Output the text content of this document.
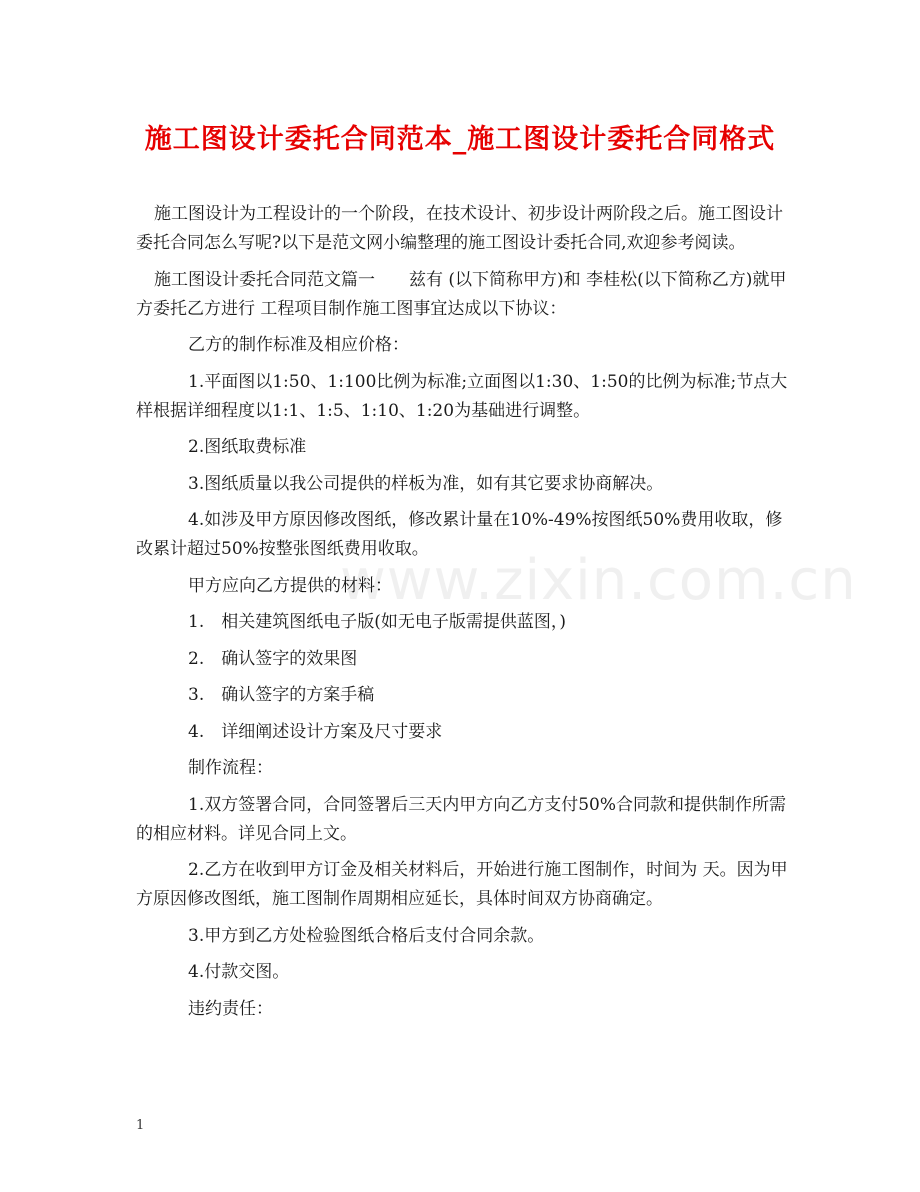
施工图设计委托合同范本_施工图设计委托合同格式
www.zixin.com.cn

施工图设计为工程设计的一个阶段，在技术设计、初步设计两阶段之后。施工图设计委托合同怎么写呢?以下是范文网小编整理的施工图设计委托合同,欢迎参考阅读。

施工图设计委托合同范文篇一　　兹有 (以下简称甲方)和 李桂松(以下简称乙方)就甲方委托乙方进行 工程项目制作施工图事宜达成以下协议：

乙方的制作标准及相应价格：

1.平面图以1:50、1:100比例为标准;立面图以1:30、1:50的比例为标准;节点大样根据详细程度以1:1、1:5、1:10、1:20为基础进行调整。

2.图纸取费标准

3.图纸质量以我公司提供的样板为准，如有其它要求协商解决。

4.如涉及甲方原因修改图纸，修改累计量在10%-49%按图纸50%费用收取，修改累计超过50%按整张图纸费用收取。

甲方应向乙方提供的材料：

1.　相关建筑图纸电子版(如无电子版需提供蓝图，)

2.　确认签字的效果图

3.　确认签字的方案手稿

4.　详细阐述设计方案及尺寸要求

制作流程：

1.双方签署合同，合同签署后三天内甲方向乙方支付50%合同款和提供制作所需的相应材料。详见合同上文。

2.乙方在收到甲方订金及相关材料后，开始进行施工图制作，时间为 天。因为甲方原因修改图纸，施工图制作周期相应延长，具体时间双方协商确定。

3.甲方到乙方处检验图纸合格后支付合同余款。

4.付款交图。

违约责任：

1
